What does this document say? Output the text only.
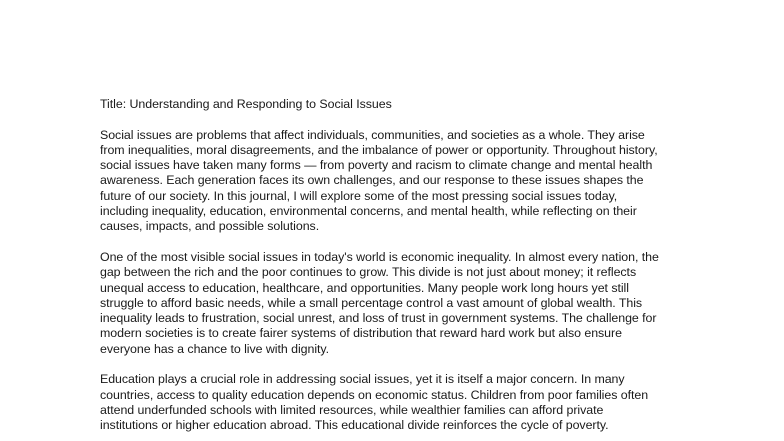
Title: Understanding and Responding to Social Issues
Social issues are problems that affect individuals, communities, and societies as a whole. They arise
from inequalities, moral disagreements, and the imbalance of power or opportunity. Throughout history,
social issues have taken many forms — from poverty and racism to climate change and mental health
awareness. Each generation faces its own challenges, and our response to these issues shapes the
future of our society. In this journal, I will explore some of the most pressing social issues today,
including inequality, education, environmental concerns, and mental health, while reflecting on their
causes, impacts, and possible solutions.
One of the most visible social issues in today's world is economic inequality. In almost every nation, the
gap between the rich and the poor continues to grow. This divide is not just about money; it reflects
unequal access to education, healthcare, and opportunities. Many people work long hours yet still
struggle to afford basic needs, while a small percentage control a vast amount of global wealth. This
inequality leads to frustration, social unrest, and loss of trust in government systems. The challenge for
modern societies is to create fairer systems of distribution that reward hard work but also ensure
everyone has a chance to live with dignity.
Education plays a crucial role in addressing social issues, yet it is itself a major concern. In many
countries, access to quality education depends on economic status. Children from poor families often
attend underfunded schools with limited resources, while wealthier families can afford private
institutions or higher education abroad. This educational divide reinforces the cycle of poverty.
